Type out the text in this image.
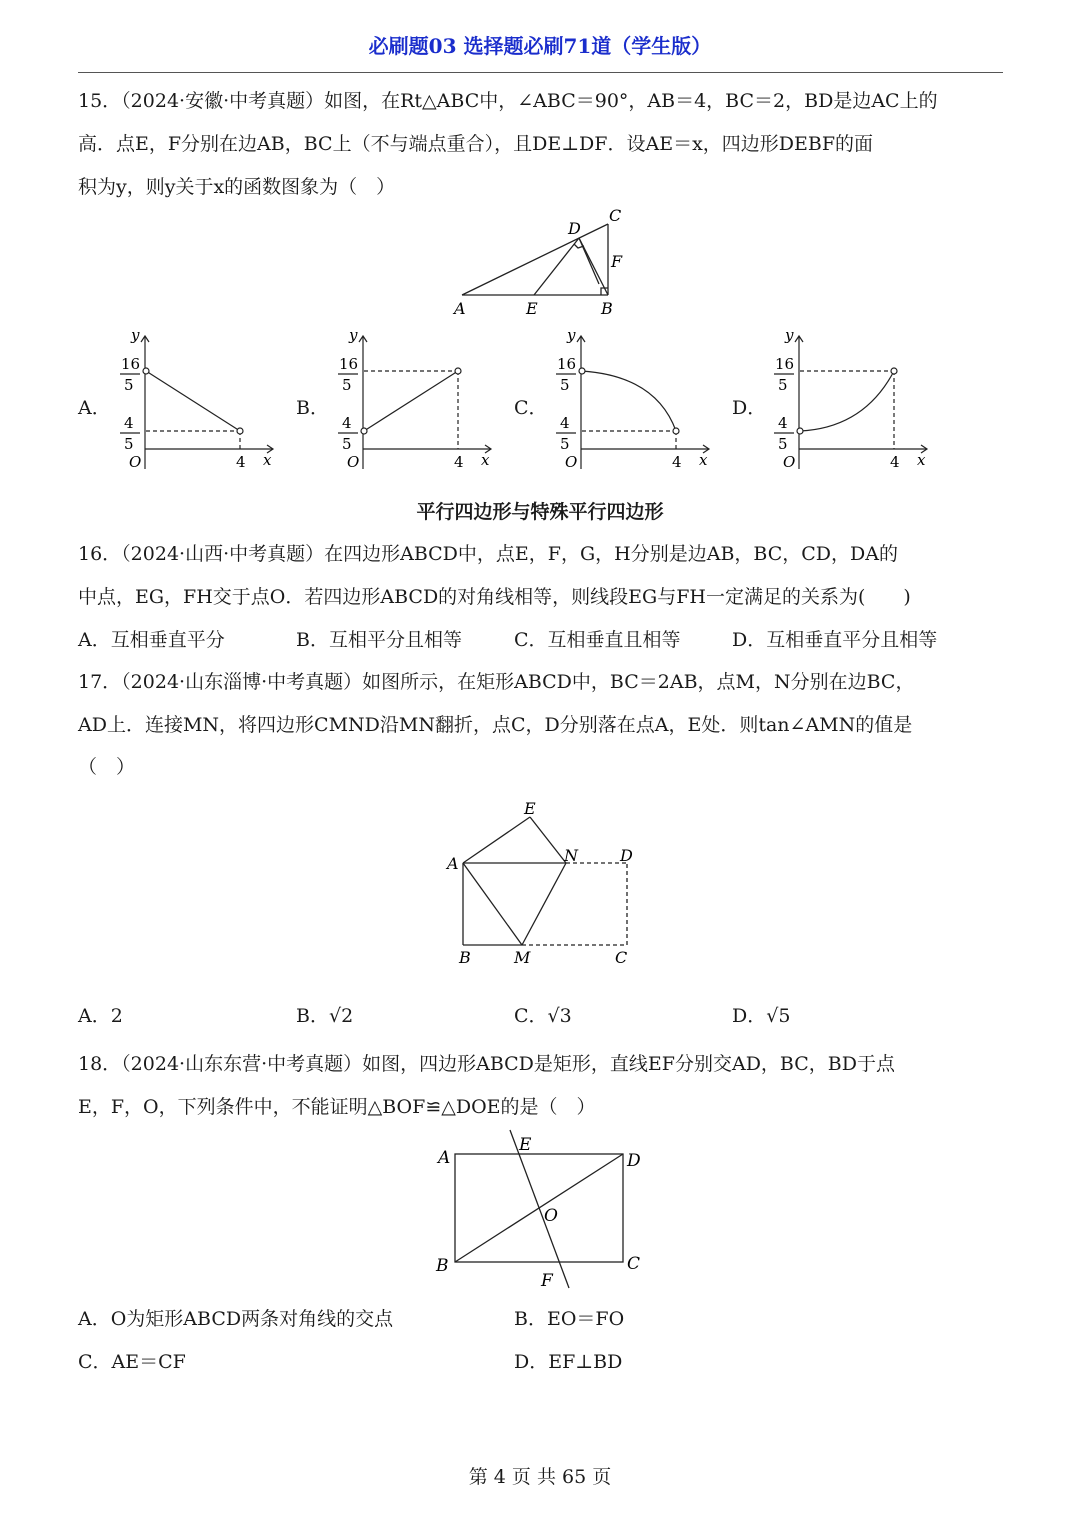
必刷题03 选择题必刷71道（学生版）
15．（2024·安徽·中考真题）如图，在Rt△ABC中，∠ABC＝90°，AB＝4，BC＝2，BD是边AC上的
高．点E，F分别在边AB，BC上（不与端点重合），且DE⊥DF．设AE＝x，四边形DEBF的面
积为y，则y关于x的函数图象为（　）
A	E	B
C
D
F
A．	B．	C．	D．
y
16
5
4
5
O	4 x
y
16
5
4
5
O	4 x
y
16
5
4
5
O	4 x
y
16
5
4
5
O	4 x
平行四边形与特殊平行四边形
16．（2024·山西·中考真题）在四边形ABCD中，点E，F，G，H分别是边AB，BC，CD，DA的
中点，EG，FH交于点O．若四边形ABCD的对角线相等，则线段EG与FH一定满足的关系为(　　)
A．互相垂直平分	B．互相平分且相等	C．互相垂直且相等	D．互相垂直平分且相等
17．（2024·山东淄博·中考真题）如图所示，在矩形ABCD中，BC＝2AB，点M，N分别在边BC，
AD上．连接MN，将四边形CMND沿MN翻折，点C，D分别落在点A，E处．则tan∠AMN的值是
（　）
E
A	N	D
B	M	C
A．2	B．√2	C．√3	D．√5
18．（2024·山东东营·中考真题）如图，四边形ABCD是矩形，直线EF分别交AD，BC，BD于点
E，F，O，下列条件中，不能证明△BOF≌△DOE的是（　）
A
E
D
O
B	C
F
A．O为矩形ABCD两条对角线的交点	B．EO＝FO
C．AE＝CF	D．EF⊥BD
第 4 页 共 65 页
